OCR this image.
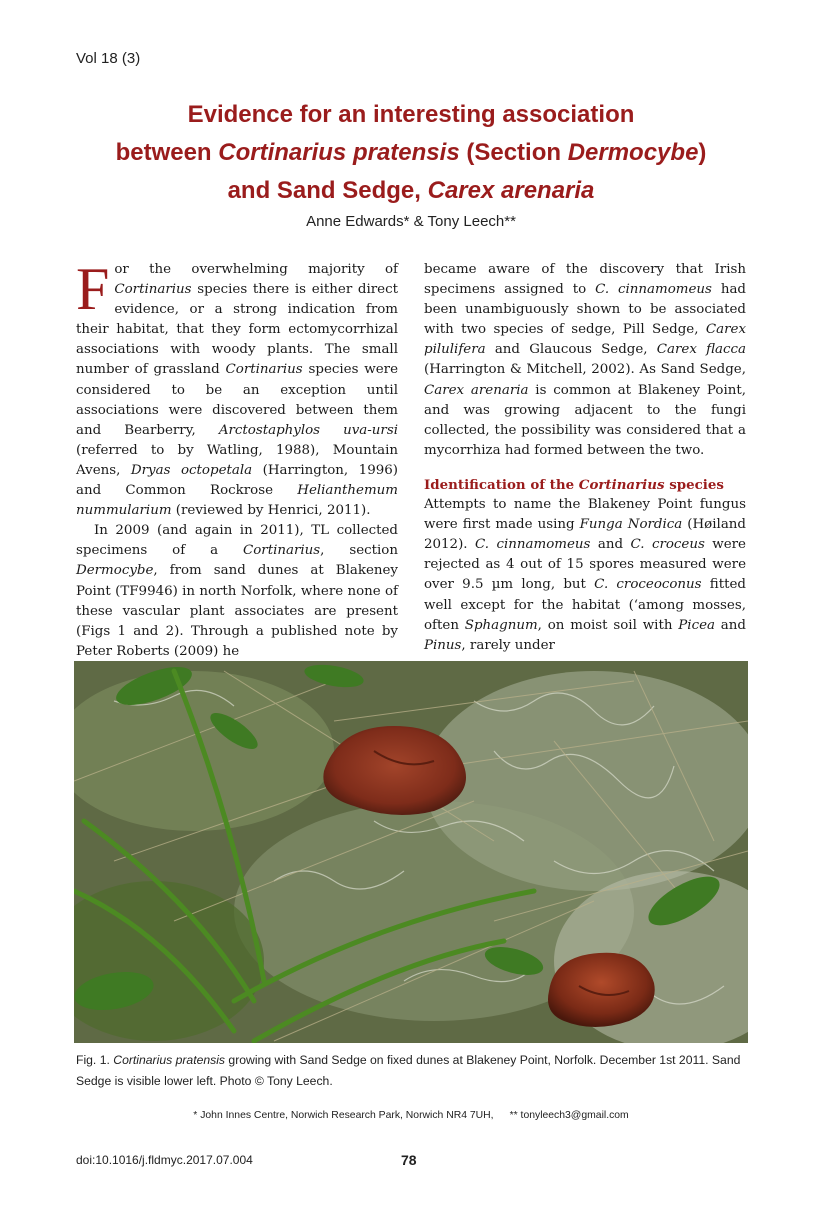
Vol 18 (3)
Evidence for an interesting association
between Cortinarius pratensis (Section Dermocybe)
and Sand Sedge, Carex arenaria
Anne Edwards* & Tony Leech**

For the overwhelming majority of Cortinarius species there is either direct evidence, or a strong indication from their habitat, that they form ectomycorrhizal associations with woody plants. The small number of grassland Cortinarius species were considered to be an exception until associations were discovered between them and Bearberry, Arctostaphylos uva-ursi (referred to by Watling, 1988), Mountain Avens, Dryas octopetala (Harrington, 1996) and Common Rockrose Helianthemum nummularium (reviewed by Henrici, 2011).

In 2009 (and again in 2011), TL collected specimens of a Cortinarius, section Dermocybe, from sand dunes at Blakeney Point (TF9946) in north Norfolk, where none of these vascular plant associates are present (Figs 1 and 2). Through a published note by Peter Roberts (2009) he

became aware of the discovery that Irish specimens assigned to C. cinnamomeus had been unambiguously shown to be associated with two species of sedge, Pill Sedge, Carex pilulifera and Glaucous Sedge, Carex flacca (Harrington & Mitchell, 2002). As Sand Sedge, Carex arenaria is common at Blakeney Point, and was growing adjacent to the fungi collected, the possibility was considered that a mycorrhiza had formed between the two.

Identification of the Cortinarius species

Attempts to name the Blakeney Point fungus were first made using Funga Nordica (Høiland 2012). C. cinnamomeus and C. croceus were rejected as 4 out of 15 spores measured were over 9.5 µm long, but C. croceoconus fitted well except for the habitat (‘among mosses, often Sphagnum, on moist soil with Picea and Pinus, rarely under

Fig. 1. Cortinarius pratensis growing with Sand Sedge on fixed dunes at Blakeney Point, Norfolk. December 1st 2011. Sand Sedge is visible lower left. Photo © Tony Leech.
* John Innes Centre, Norwich Research Park, Norwich NR4 7UH, ** tonyleech3@gmail.com
doi:10.1016/j.fldmyc.2017.07.004	78
